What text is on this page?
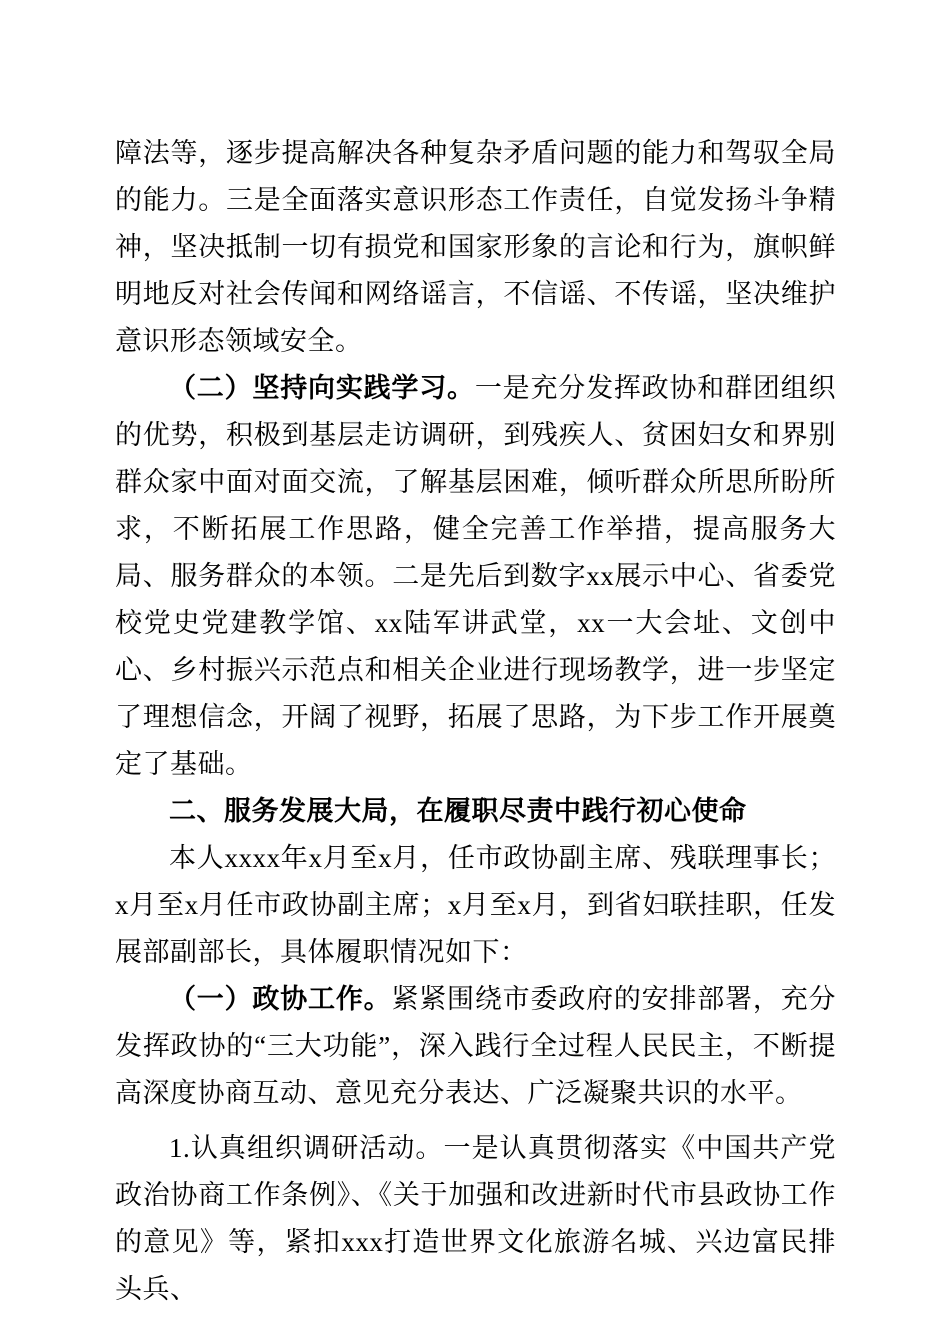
障法等，逐步提高解决各种复杂矛盾问题的能力和驾驭全局的能力。三是全面落实意识形态工作责任，自觉发扬斗争精神，坚决抵制一切有损党和国家形象的言论和行为，旗帜鲜明地反对社会传闻和网络谣言，不信谣、不传谣，坚决维护意识形态领域安全。

（二）坚持向实践学习。一是充分发挥政协和群团组织的优势，积极到基层走访调研，到残疾人、贫困妇女和界别群众家中面对面交流，了解基层困难，倾听群众所思所盼所求，不断拓展工作思路，健全完善工作举措，提高服务大局、服务群众的本领。二是先后到数字xx展示中心、省委党校党史党建教学馆、xx陆军讲武堂，xx一大会址、文创中心、乡村振兴示范点和相关企业进行现场教学，进一步坚定了理想信念，开阔了视野，拓展了思路，为下步工作开展奠定了基础。

二、服务发展大局，在履职尽责中践行初心使命

本人xxxx年x月至x月，任市政协副主席、残联理事长；x月至x月任市政协副主席；x月至x月，到省妇联挂职，任发展部副部长，具体履职情况如下：

（一）政协工作。紧紧围绕市委政府的安排部署，充分发挥政协的“三大功能”，深入践行全过程人民民主，不断提高深度协商互动、意见充分表达、广泛凝聚共识的水平。

1.认真组织调研活动。一是认真贯彻落实《中国共产党政治协商工作条例》、《关于加强和改进新时代市县政协工作的意见》等，紧扣xxx打造世界文化旅游名城、兴边富民排头兵、
